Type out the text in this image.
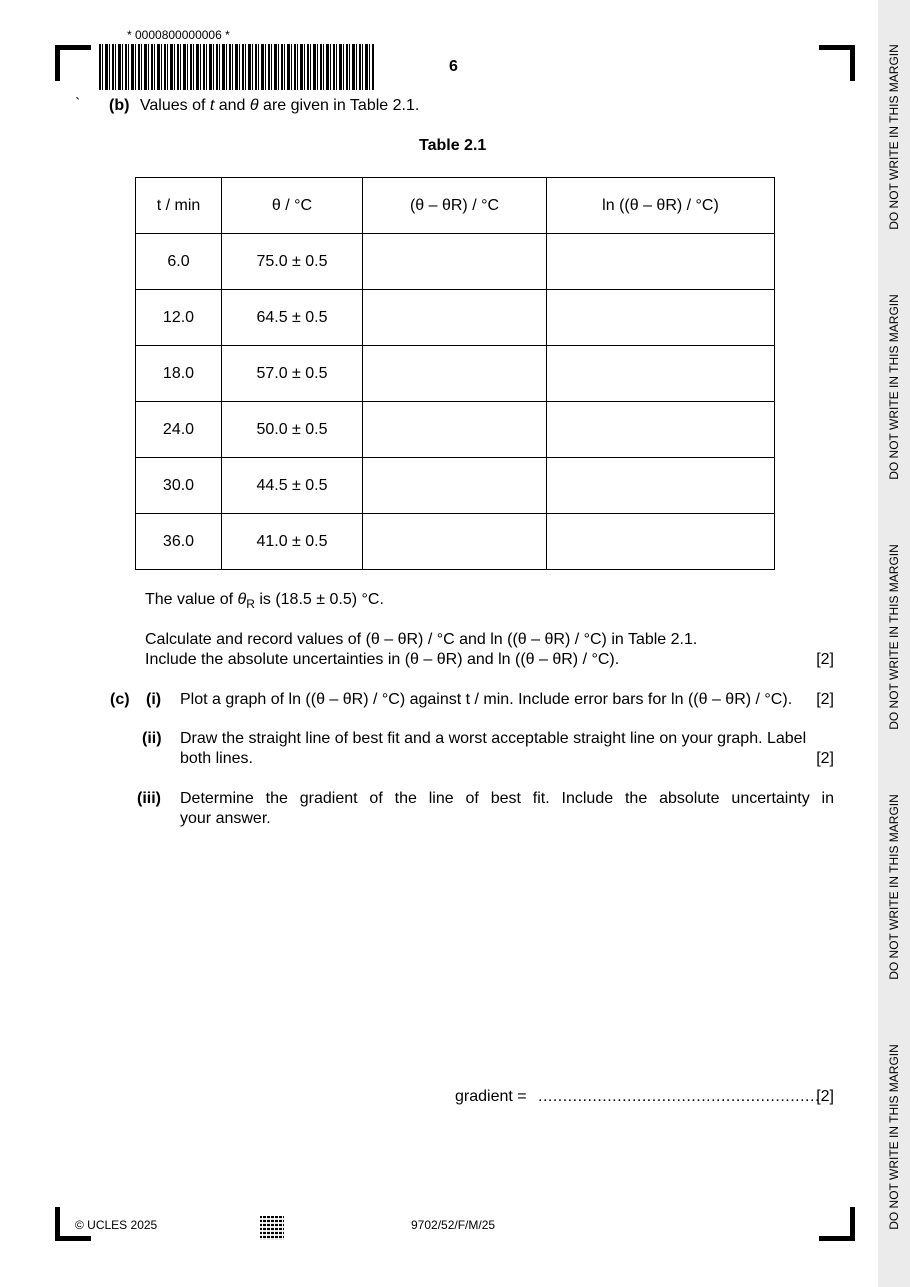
DO NOT WRITE IN THIS MARGIN
DO NOT WRITE IN THIS MARGIN
DO NOT WRITE IN THIS MARGIN
DO NOT WRITE IN THIS MARGIN
DO NOT WRITE IN THIS MARGIN
* 0000800000006 *
6
` (b) Values of t and θ are given in Table 2.1.
Table 2.1
t / min	θ / °C	(θ – θR) / °C	ln ((θ – θR) / °C)
6.0	75.0 ± 0.5		
12.0	64.5 ± 0.5		
18.0	57.0 ± 0.5		
24.0	50.0 ± 0.5		
30.0	44.5 ± 0.5		
36.0	41.0 ± 0.5		
The value of $\theta_R$ is (18.5 ± 0.5) °C.
Calculate and record values of (θ – θR) / °C and ln ((θ – θR) / °C) in Table 2.1.
Include the absolute uncertainties in (θ – θR) and ln ((θ – θR) / °C).	[2]
(c) (i) Plot a graph of ln ((θ – θR) / °C) against t / min. Include error bars for ln ((θ – θR) / °C). [2]
(ii) Draw the straight line of best fit and a worst acceptable straight line on your graph. Label
both lines.	[2]
(iii) Determine the gradient of the line of best fit. Include the absolute uncertainty in
your answer.
gradient = .........................................................
[2]
© UCLES 2025	9702/52/F/M/25
